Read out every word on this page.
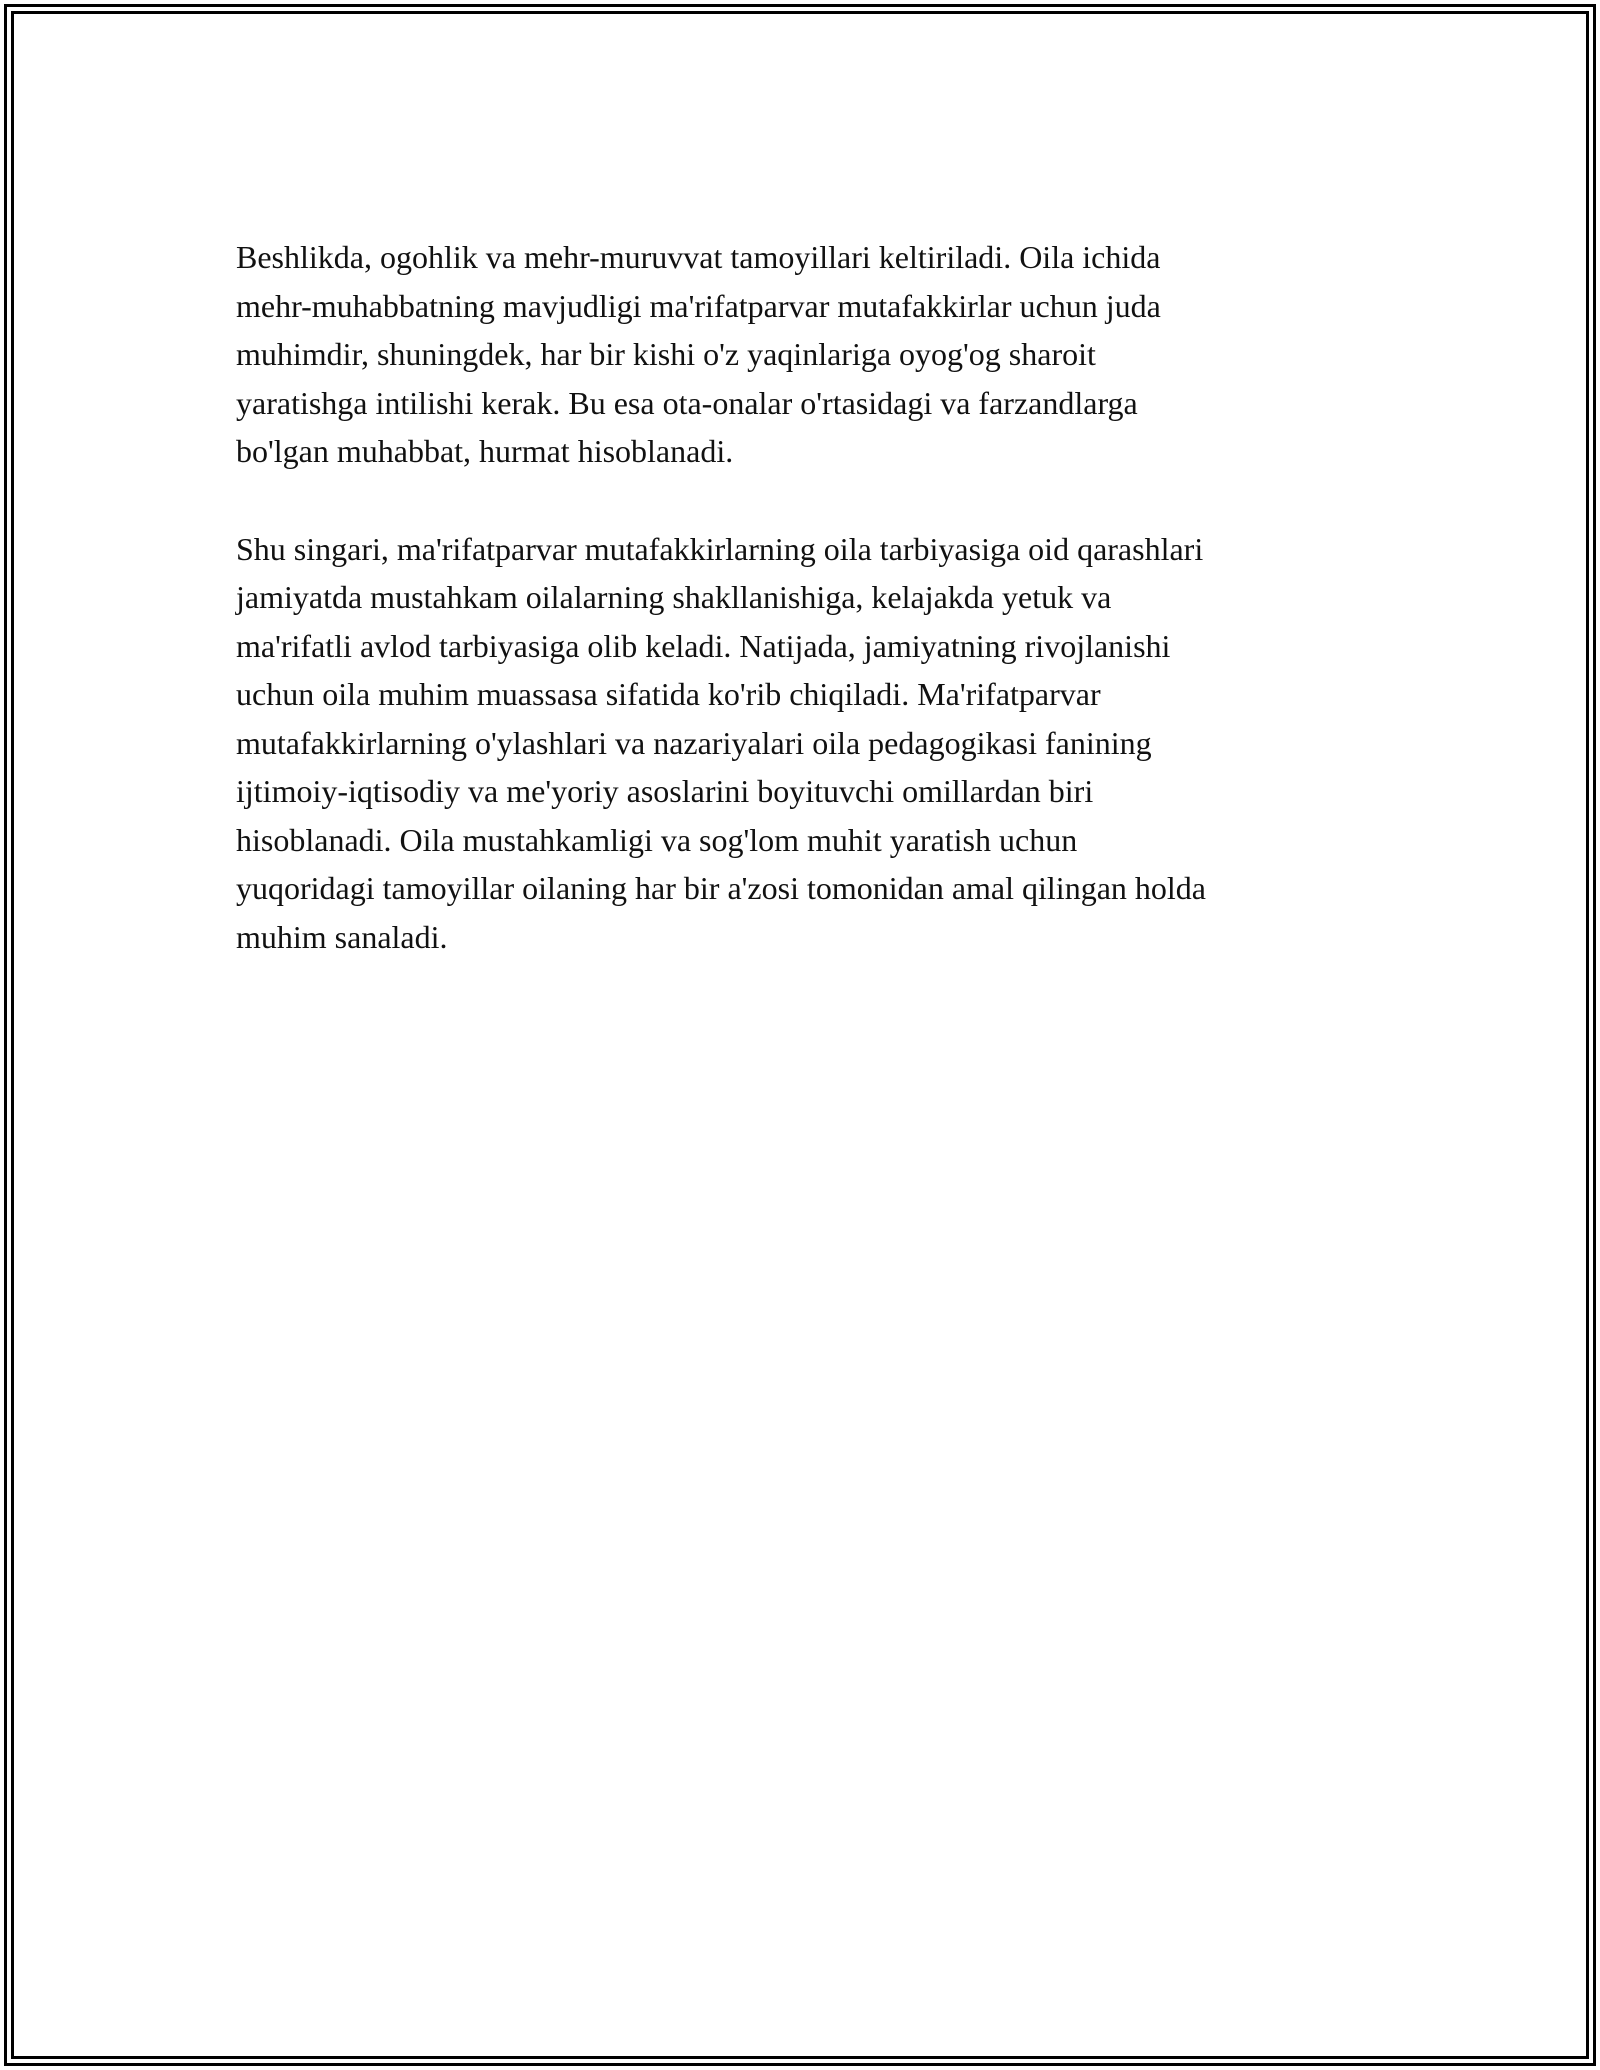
Beshlikda, ogohlik va mehr-muruvvat tamoyillari keltiriladi. Oila ichida
mehr-muhabbatning mavjudligi ma'rifatparvar mutafakkirlar uchun juda
muhimdir, shuningdek, har bir kishi o'z yaqinlariga oyog'og sharoit
yaratishga intilishi kerak. Bu esa ota-onalar o'rtasidagi va farzandlarga
bo'lgan muhabbat, hurmat hisoblanadi.

Shu singari, ma'rifatparvar mutafakkirlarning oila tarbiyasiga oid qarashlari
jamiyatda mustahkam oilalarning shakllanishiga, kelajakda yetuk va
ma'rifatli avlod tarbiyasiga olib keladi. Natijada, jamiyatning rivojlanishi
uchun oila muhim muassasa sifatida ko'rib chiqiladi. Ma'rifatparvar
mutafakkirlarning o'ylashlari va nazariyalari oila pedagogikasi fanining
ijtimoiy-iqtisodiy va me'yoriy asoslarini boyituvchi omillardan biri
hisoblanadi. Oila mustahkamligi va sog'lom muhit yaratish uchun
yuqoridagi tamoyillar oilaning har bir a'zosi tomonidan amal qilingan holda
muhim sanaladi.
